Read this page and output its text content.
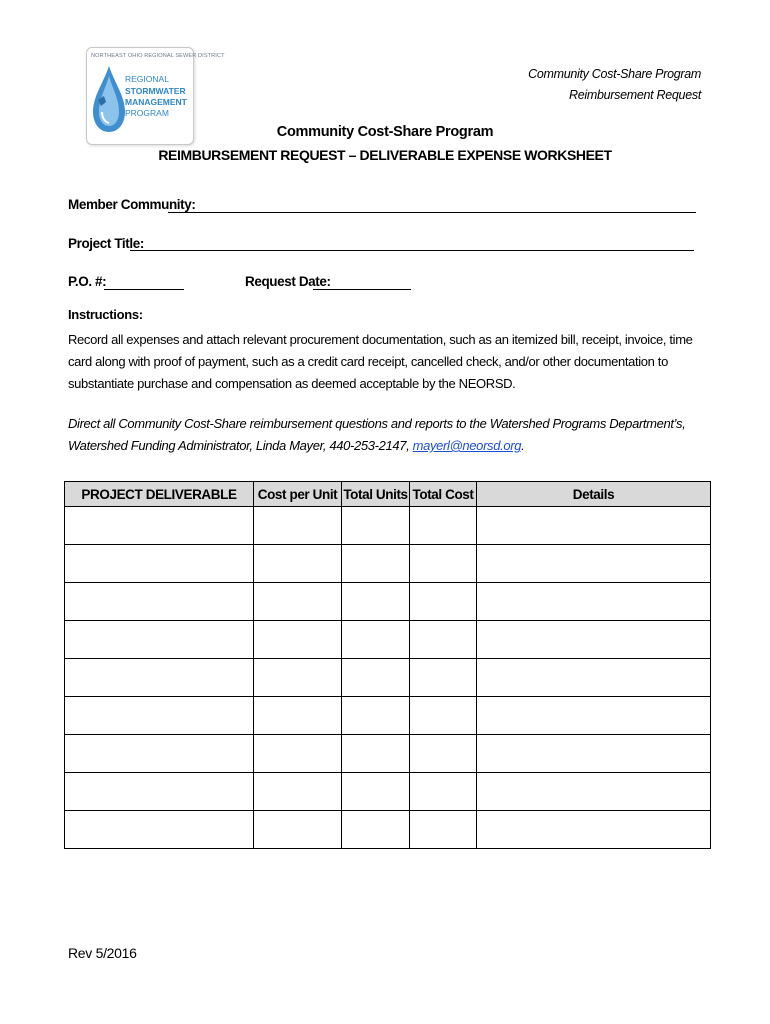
NORTHEAST OHIO REGIONAL SEWER DISTRICT
REGIONAL
STORMWATER
MANAGEMENT
PROGRAM
Community Cost-Share Program
Reimbursement Request
Community Cost-Share Program
REIMBURSEMENT REQUEST – DELIVERABLE EXPENSE WORKSHEET
Member Community:
Project Title:
P.O. #:	Request Date:
Instructions:
Record all expenses and attach relevant procurement documentation, such as an itemized bill, receipt, invoice, time card along with proof of payment, such as a credit card receipt, cancelled check, and/or other documentation to substantiate purchase and compensation as deemed acceptable by the NEORSD.
Direct all Community Cost-Share reimbursement questions and reports to the Watershed Programs Department’s, Watershed Funding Administrator, Linda Mayer, 440-253-2147, mayerl@neorsd.org.
PROJECT DELIVERABLE	Cost per Unit	Total Units	Total Cost	Details

Rev 5/2016
